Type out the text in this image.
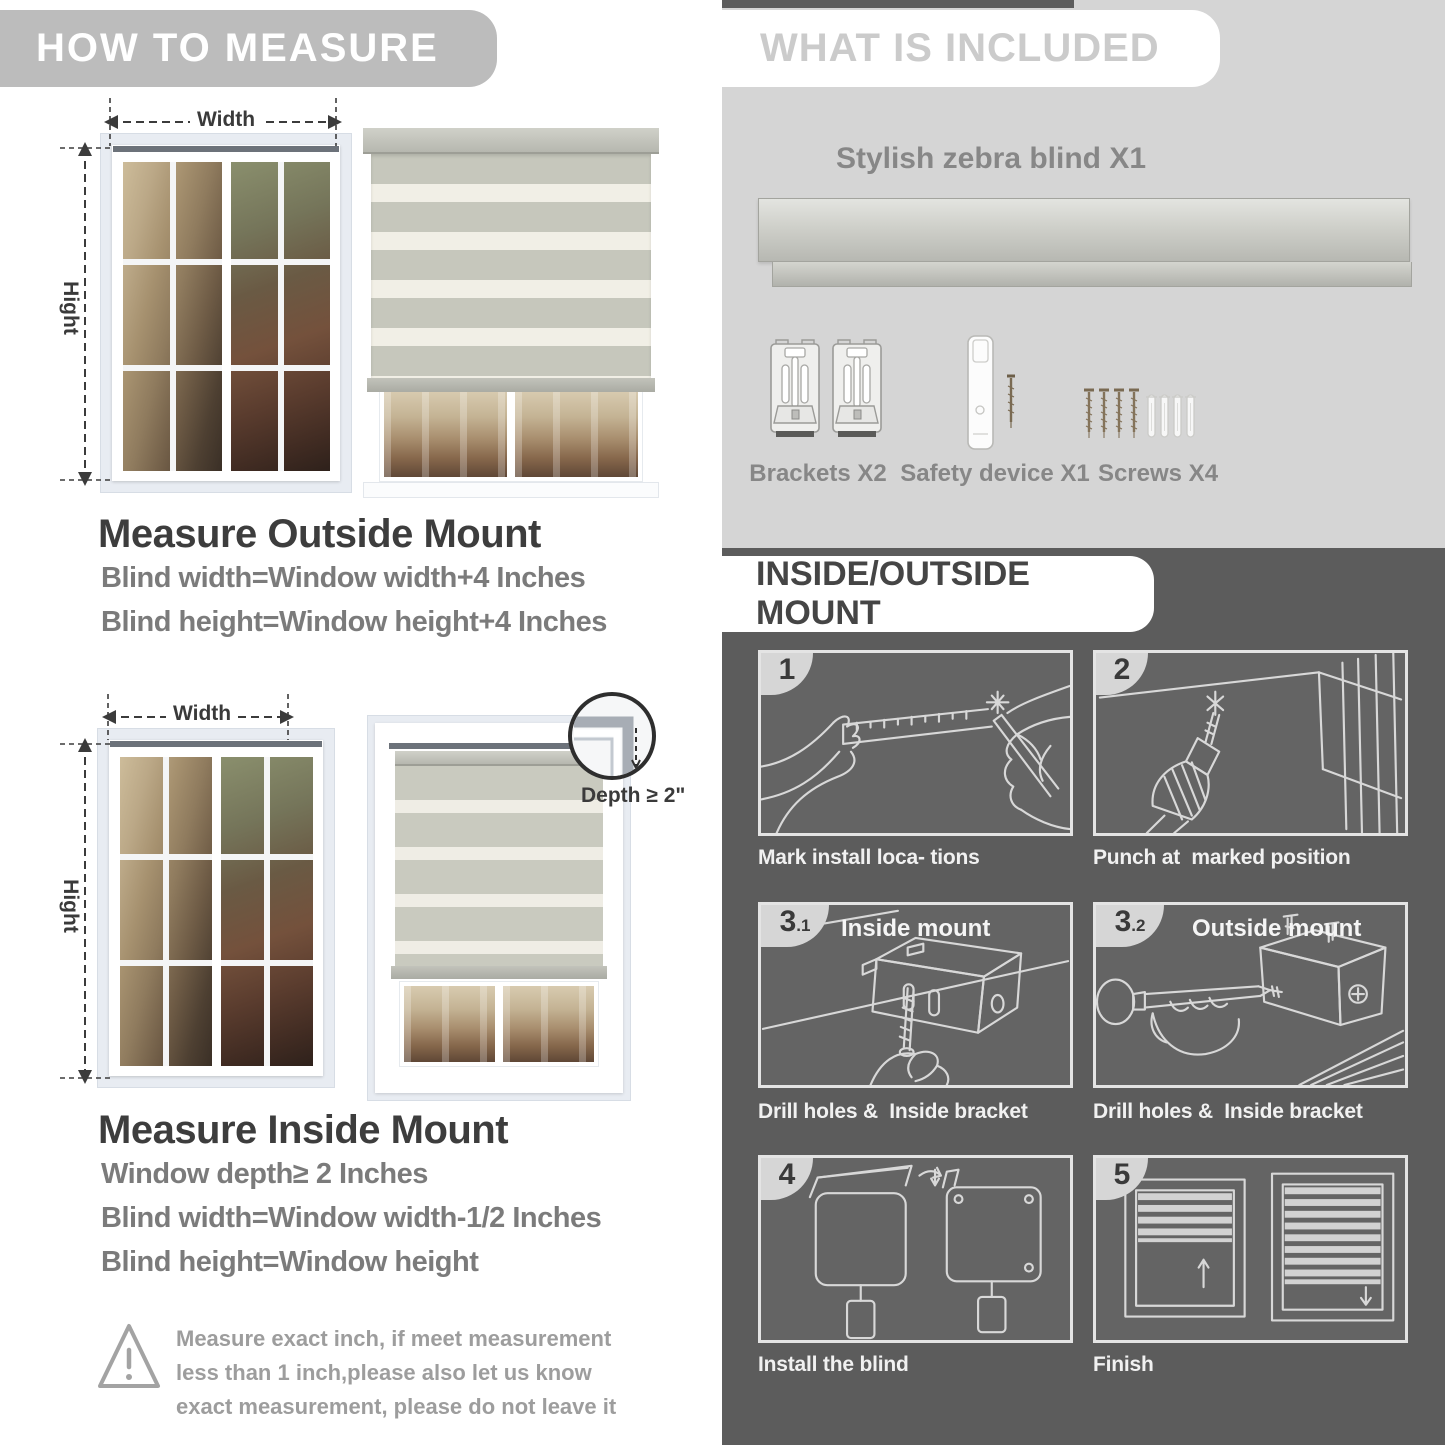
HOW TO MEASURE
Width
Hight
Measure Outside Mount
Blind width=Window width+4 Inches
Blind height=Window height+4 Inches
Width
Hight
Depth ≥ 2"
Measure Inside Mount
Window depth≥ 2 Inches
Blind width=Window width-1/2 Inches
Blind height=Window height
Measure exact inch, if meet measurement less than 1 inch,please also let us know exact measurement, please do not leave it
WHAT IS INCLUDED
Stylish zebra blind X1
Brackets X2 Safety device X1 Screws X4
INSIDE/OUTSIDE MOUNT
1
Mark install loca- tions
2
Punch at  marked position
3 .1 Inside mount
Drill holes &  Inside bracket
3 .2 Outside mount
Drill holes &  Inside bracket
4
Install the blind
5
Finish
